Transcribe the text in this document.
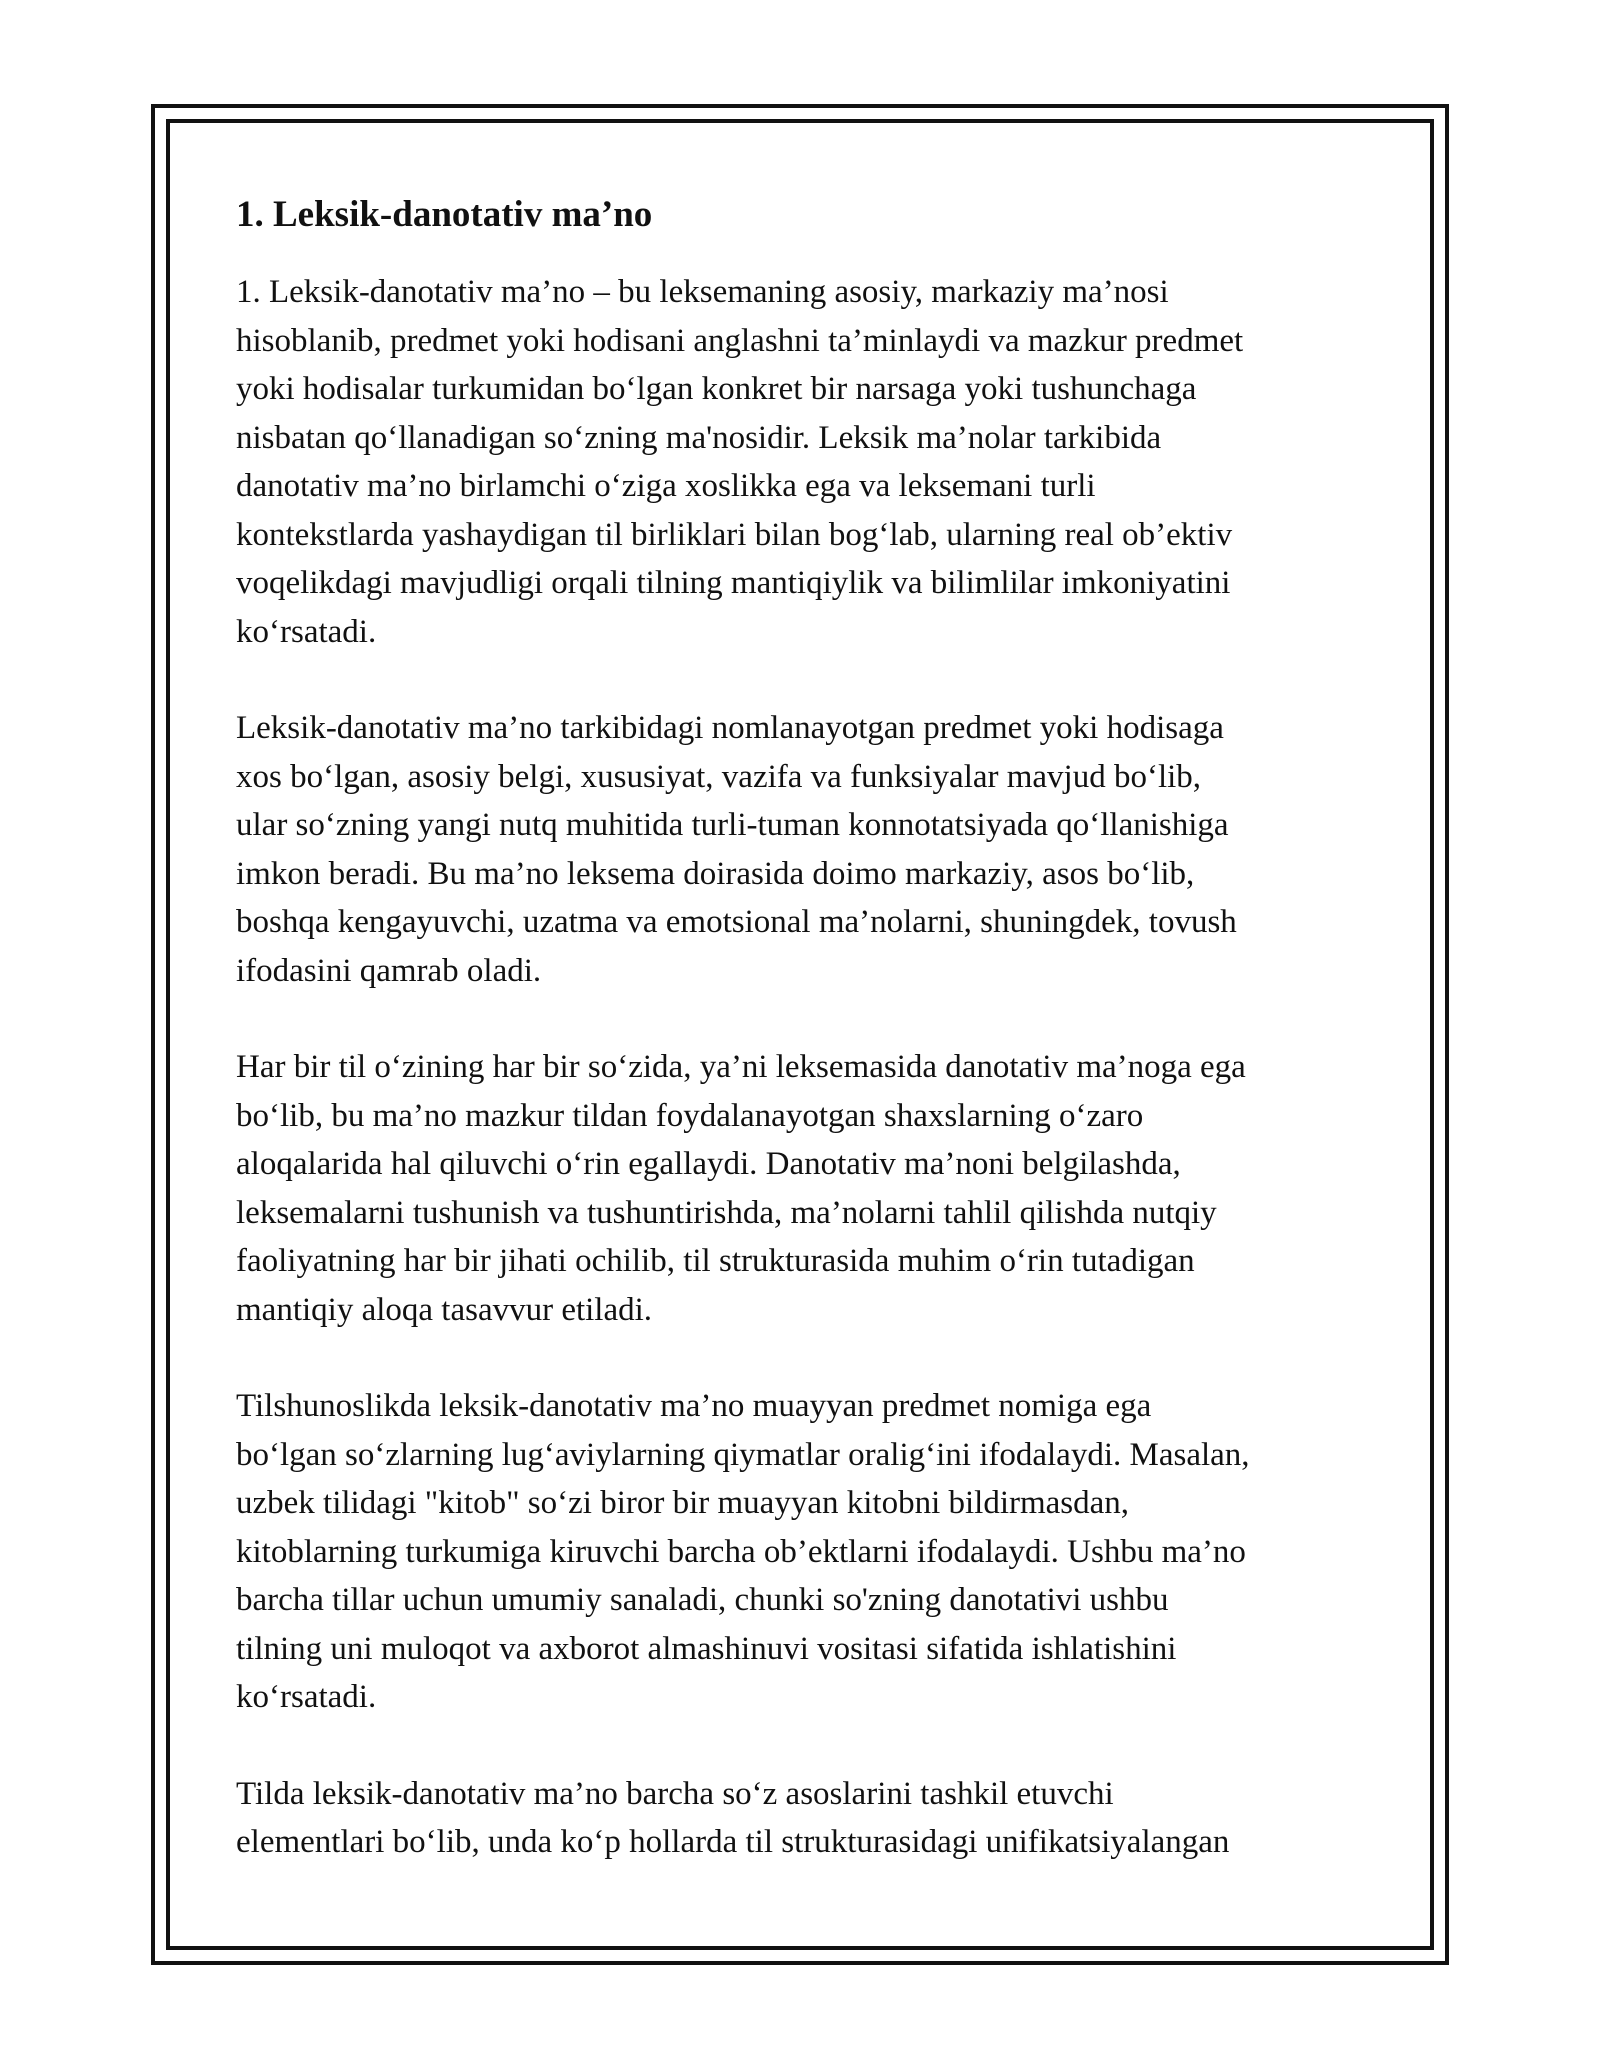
1. Leksik-danotativ ma’no

1. Leksik-danotativ ma’no – bu leksemaning asosiy, markaziy ma’nosi
hisoblanib, predmet yoki hodisani anglashni ta’minlaydi va mazkur predmet
yoki hodisalar turkumidan bo‘lgan konkret bir narsaga yoki tushunchaga
nisbatan qo‘llanadigan so‘zning ma'nosidir. Leksik ma’nolar tarkibida
danotativ ma’no birlamchi o‘ziga xoslikka ega va leksemani turli
kontekstlarda yashaydigan til birliklari bilan bog‘lab, ularning real ob’ektiv
voqelikdagi mavjudligi orqali tilning mantiqiylik va bilimlilar imkoniyatini
ko‘rsatadi.

Leksik-danotativ ma’no tarkibidagi nomlanayotgan predmet yoki hodisaga
xos bo‘lgan, asosiy belgi, xususiyat, vazifa va funksiyalar mavjud bo‘lib,
ular so‘zning yangi nutq muhitida turli-tuman konnotatsiyada qo‘llanishiga
imkon beradi. Bu ma’no leksema doirasida doimo markaziy, asos bo‘lib,
boshqa kengayuvchi, uzatma va emotsional ma’nolarni, shuningdek, tovush
ifodasini qamrab oladi.

Har bir til o‘zining har bir so‘zida, ya’ni leksemasida danotativ ma’noga ega
bo‘lib, bu ma’no mazkur tildan foydalanayotgan shaxslarning o‘zaro
aloqalarida hal qiluvchi o‘rin egallaydi. Danotativ ma’noni belgilashda,
leksemalarni tushunish va tushuntirishda, ma’nolarni tahlil qilishda nutqiy
faoliyatning har bir jihati ochilib, til strukturasida muhim o‘rin tutadigan
mantiqiy aloqa tasavvur etiladi.

Tilshunoslikda leksik-danotativ ma’no muayyan predmet nomiga ega
bo‘lgan so‘zlarning lug‘aviylarning qiymatlar oralig‘ini ifodalaydi. Masalan,
uzbek tilidagi "kitob" so‘zi biror bir muayyan kitobni bildirmasdan,
kitoblarning turkumiga kiruvchi barcha ob’ektlarni ifodalaydi. Ushbu ma’no
barcha tillar uchun umumiy sanaladi, chunki so'zning danotativi ushbu
tilning uni muloqot va axborot almashinuvi vositasi sifatida ishlatishini
ko‘rsatadi.

Tilda leksik-danotativ ma’no barcha so‘z asoslarini tashkil etuvchi
elementlari bo‘lib, unda ko‘p hollarda til strukturasidagi unifikatsiyalangan
